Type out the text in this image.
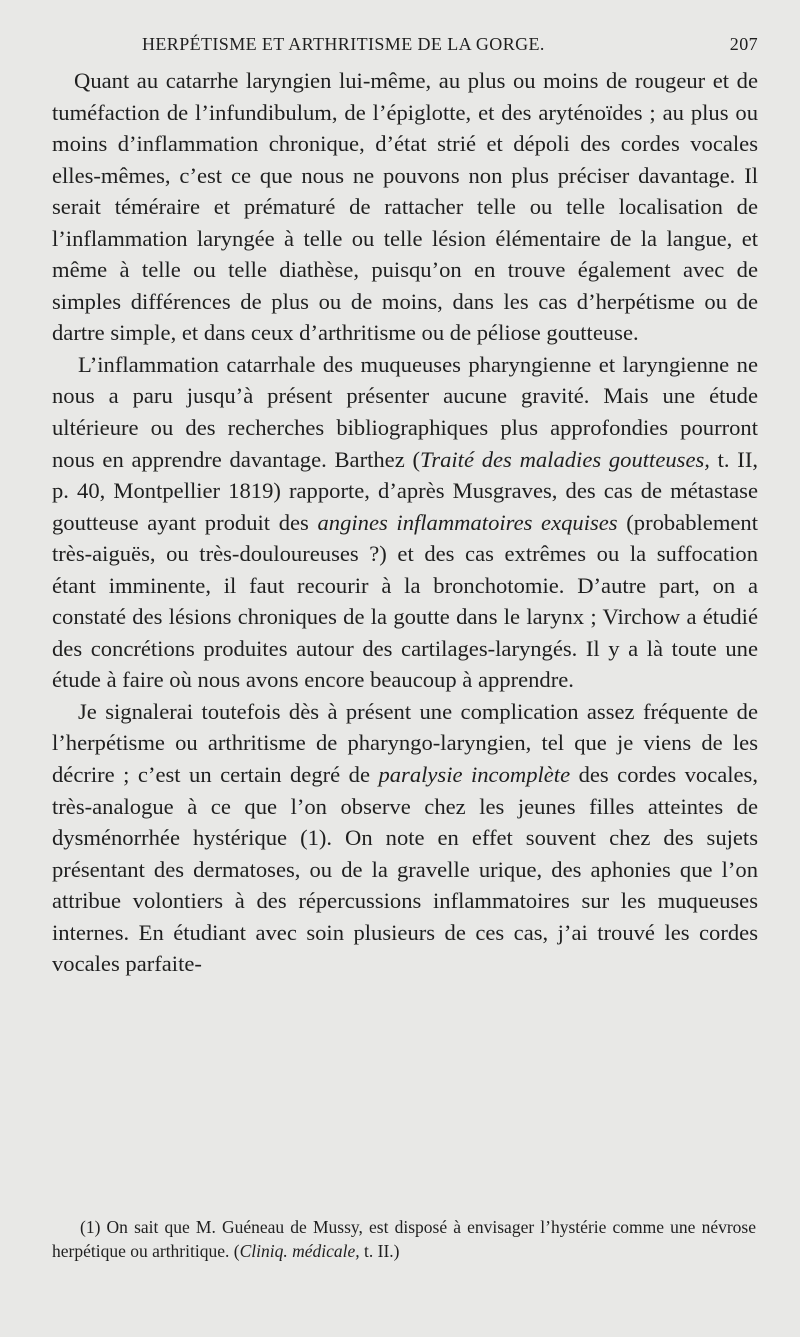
HERPÉTISME ET ARTHRITISME DE LA GORGE.	207

Quant au catarrhe laryngien lui-même, au plus ou moins de rougeur et de tuméfaction de l’infundibulum, de l’épiglotte, et des aryténoïdes ; au plus ou moins d’inflammation chronique, d’état strié et dépoli des cordes vocales elles-mêmes, c’est ce que nous ne pouvons non plus préciser davantage. Il serait téméraire et prématuré de rattacher telle ou telle localisation de l’inflammation laryngée à telle ou telle lésion élémentaire de la langue, et même à telle ou telle diathèse, puisqu’on en trouve également avec de simples différences de plus ou de moins, dans les cas d’herpétisme ou de dartre simple, et dans ceux d’arthritisme ou de péliose goutteuse.

L’inflammation catarrhale des muqueuses pharyngienne et laryngienne ne nous a paru jusqu’à présent présenter aucune gravité. Mais une étude ultérieure ou des recherches bibliographiques plus approfondies pourront nous en apprendre davantage. Barthez (Traité des maladies goutteuses, t. II, p. 40, Montpellier 1819) rapporte, d’après Musgraves, des cas de métastase goutteuse ayant produit des angines inflammatoires exquises (probablement très-aiguës, ou très-douloureuses ?) et des cas extrêmes ou la suffocation étant imminente, il faut recourir à la bronchotomie. D’autre part, on a constaté des lésions chroniques de la goutte dans le larynx ; Virchow a étudié des concrétions produites autour des cartilages-laryngés. Il y a là toute une étude à faire où nous avons encore beaucoup à apprendre.

Je signalerai toutefois dès à présent une complication assez fréquente de l’herpétisme ou arthritisme de pharyngo-laryngien, tel que je viens de les décrire ; c’est un certain degré de paralysie incomplète des cordes vocales, très-analogue à ce que l’on observe chez les jeunes filles atteintes de dysménorrhée hystérique (1). On note en effet souvent chez des sujets présentant des dermatoses, ou de la gravelle urique, des aphonies que l’on attribue volontiers à des répercussions inflammatoires sur les muqueuses internes. En étudiant avec soin plusieurs de ces cas, j’ai trouvé les cordes vocales parfaite-

(1) On sait que M. Guéneau de Mussy, est disposé à envisager l’hystérie comme une névrose herpétique ou arthritique. (Cliniq. médicale, t. II.)
